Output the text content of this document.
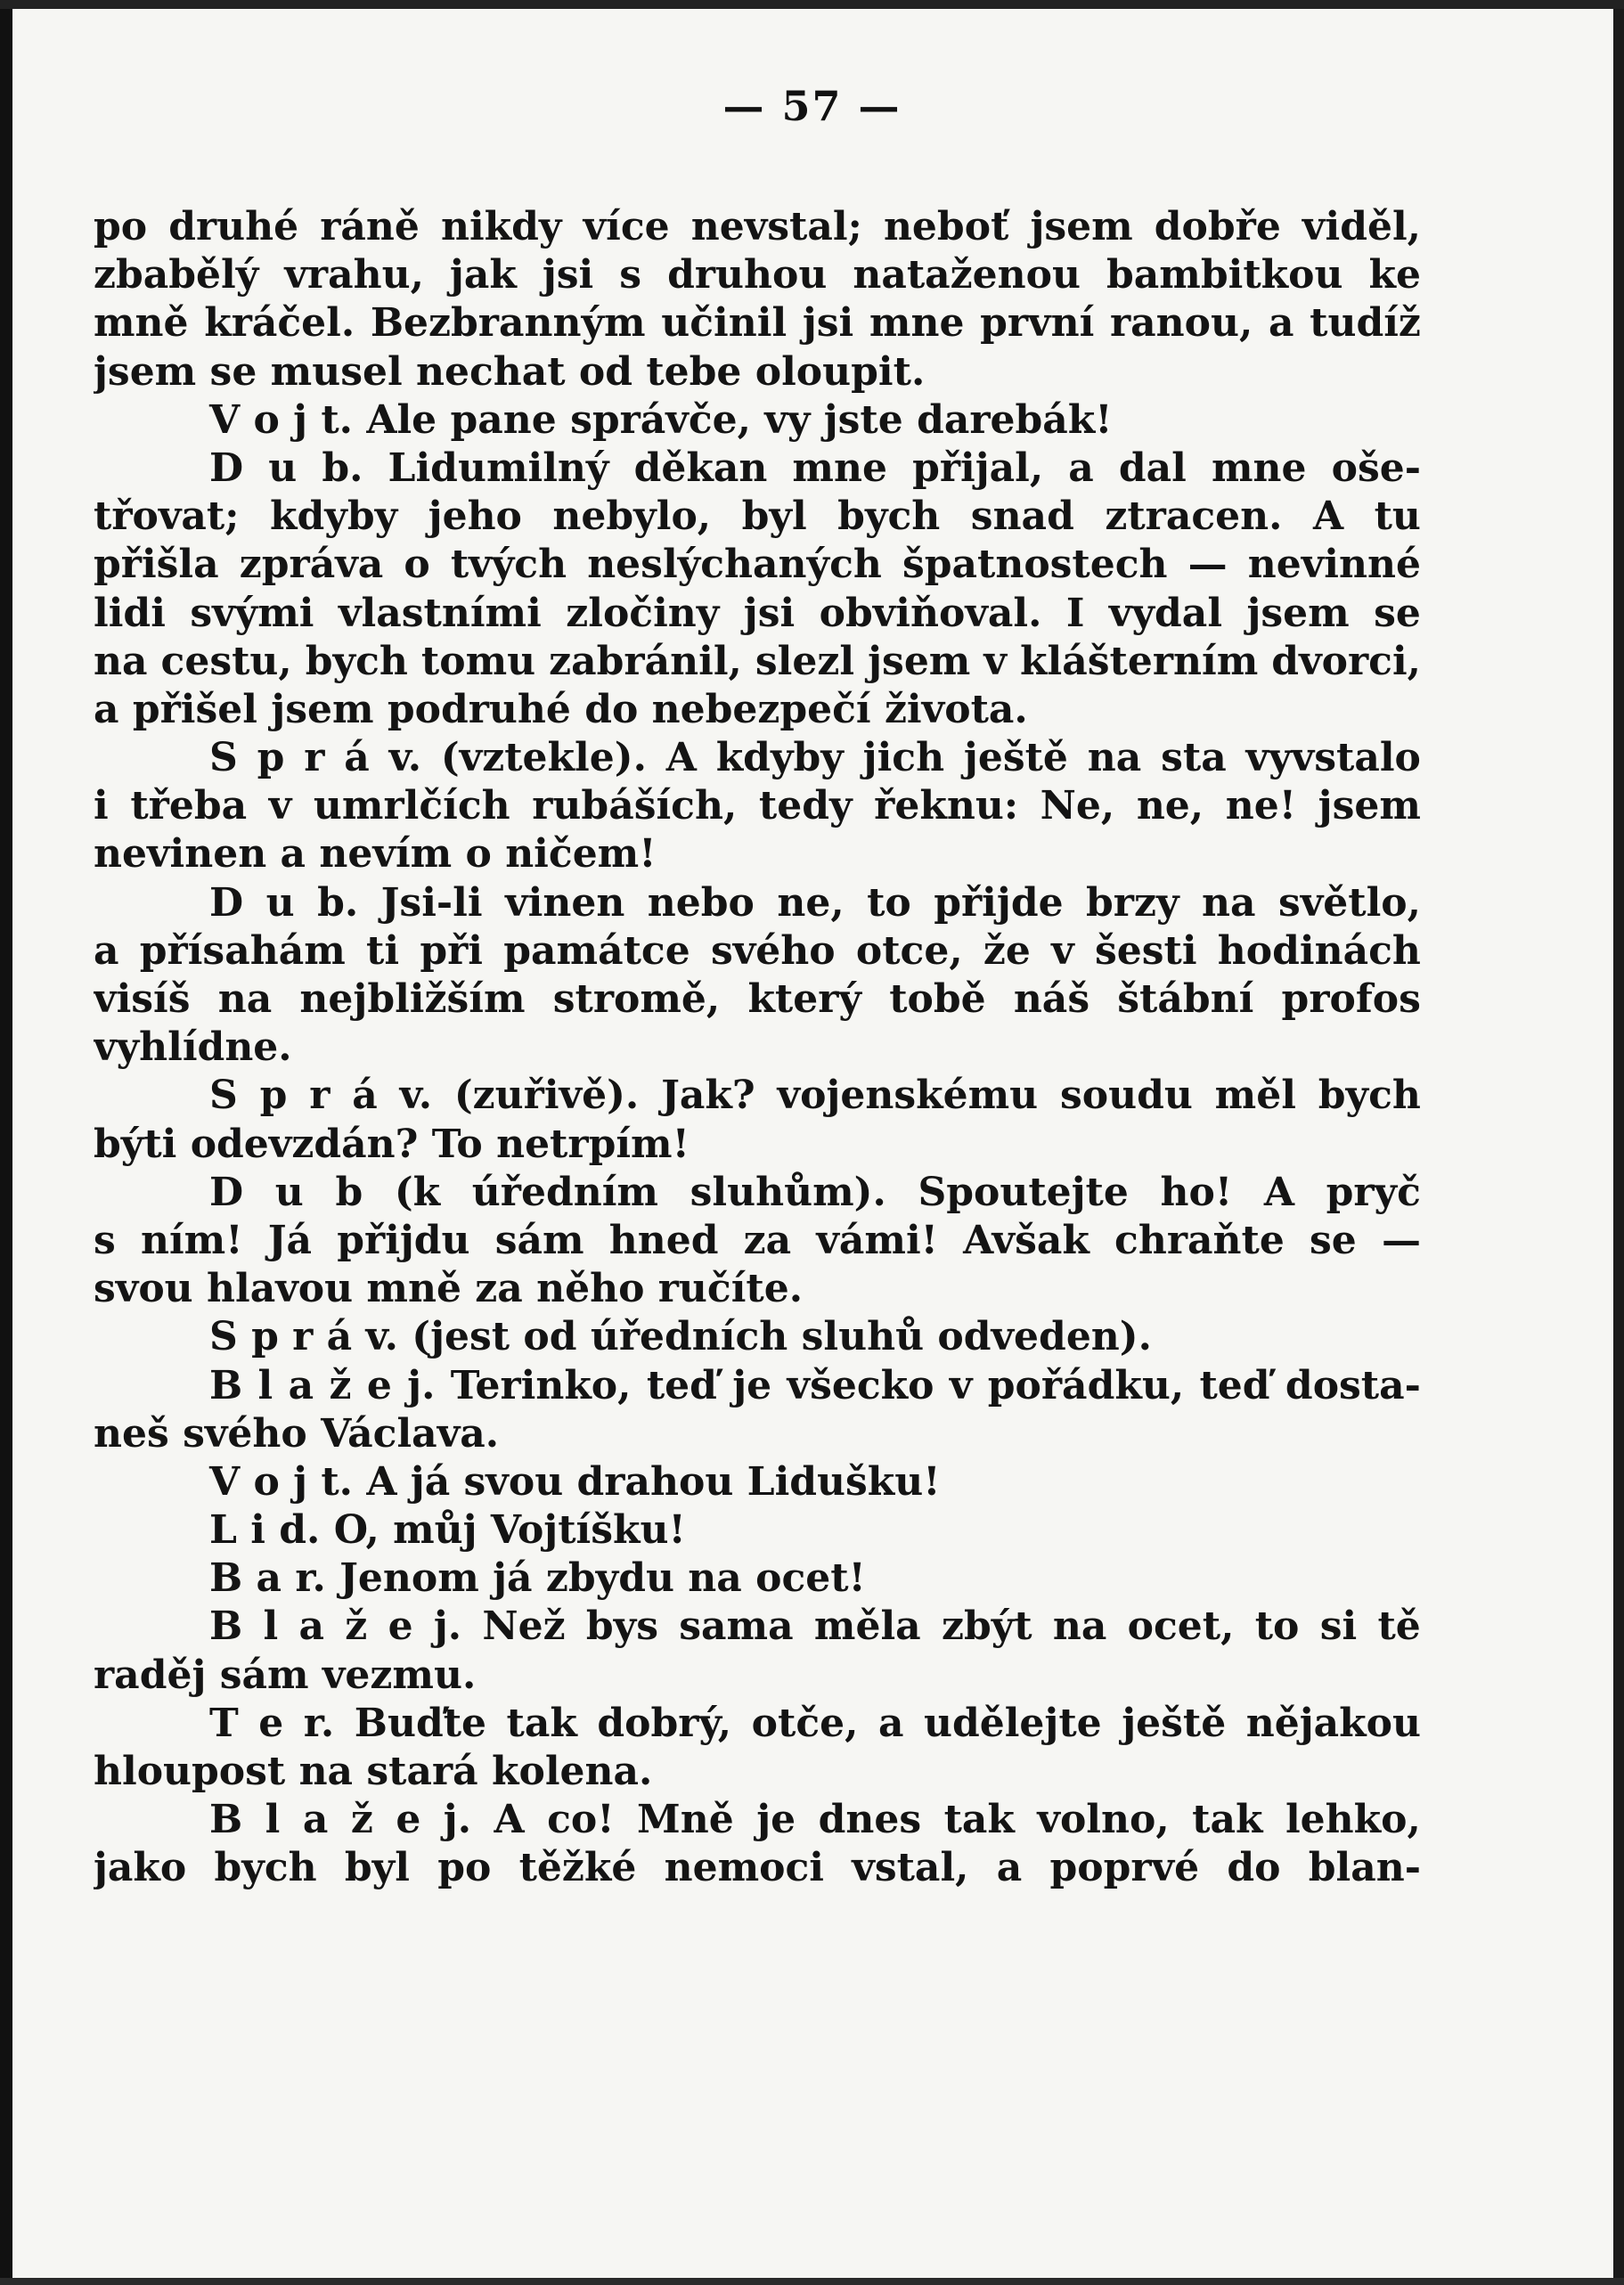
— 57 —
po druhé ráně nikdy více nevstal; neboť jsem dobře viděl,
zbabělý vrahu, jak jsi s druhou nataženou bambitkou ke
mně kráčel. Bezbranným učinil jsi mne první ranou, a tudíž
jsem se musel nechat od tebe oloupit.
V o j t. Ale pane správče, vy jste darebák!
D u b. Lidumilný děkan mne přijal, a dal mne oše-
třovat; kdyby jeho nebylo, byl bych snad ztracen. A tu
přišla zpráva o tvých neslýchaných špatnostech — nevinné
lidi svými vlastními zločiny jsi obviňoval. I vydal jsem se
na cestu, bych tomu zabránil, slezl jsem v klášterním dvorci,
a přišel jsem podruhé do nebezpečí života.
S p r á v. (vztekle). A kdyby jich ještě na sta vyvstalo
i třeba v umrlčích rubáších, tedy řeknu: Ne, ne, ne! jsem
nevinen a nevím o ničem!
D u b. Jsi-li vinen nebo ne, to přijde brzy na světlo,
a přísahám ti při památce svého otce, že v šesti hodinách
visíš na nejbližším stromě, který tobě náš štábní profos
vyhlídne.
S p r á v. (zuřivě). Jak? vojenskému soudu měl bych
býti odevzdán? To netrpím!
D u b (k úředním sluhům). Spoutejte ho! A pryč
s ním! Já přijdu sám hned za vámi! Avšak chraňte se —
svou hlavou mně za něho ručíte.
S p r á v. (jest od úředních sluhů odveden).
B l a ž e j. Terinko, teď je všecko v pořádku, teď dosta-
neš svého Václava.
V o j t. A já svou drahou Lidušku!
L i d. O, můj Vojtíšku!
B a r. Jenom já zbydu na ocet!
B l a ž e j. Než bys sama měla zbýt na ocet, to si tě
raděj sám vezmu.
T e r. Buďte tak dobrý, otče, a udělejte ještě nějakou
hloupost na stará kolena.
B l a ž e j. A co! Mně je dnes tak volno, tak lehko,
jako bych byl po těžké nemoci vstal, a poprvé do blan-
